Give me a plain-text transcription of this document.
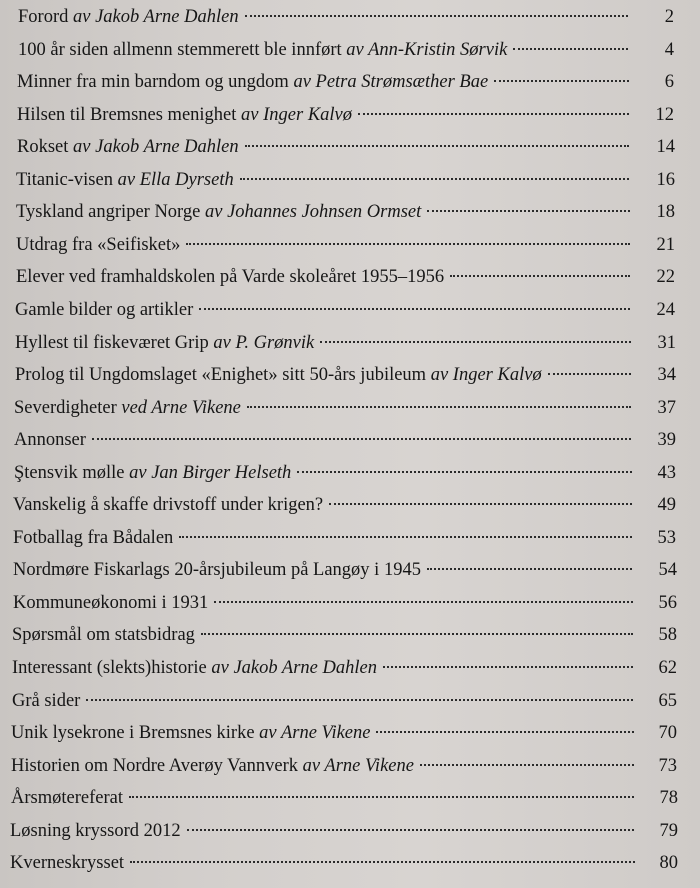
Forord av Jakob Arne Dahlen	2
100 år siden allmenn stemmerett ble innført av Ann-Kristin Sørvik	4
Minner fra min barndom og ungdom av Petra Strømsæther Bae	6
Hilsen til Bremsnes menighet av Inger Kalvø	12
Rokset av Jakob Arne Dahlen	14
Titanic-visen av Ella Dyrseth	16
Tyskland angriper Norge av Johannes Johnsen Ormset	18
Utdrag fra «Seifisket»	21
Elever ved framhaldskolen på Varde skoleåret 1955–1956	22
Gamle bilder og artikler	24
Hyllest til fiskeværet Grip av P. Grønvik	31
Prolog til Ungdomslaget «Enighet» sitt 50-års jubileum av Inger Kalvø	34
Severdigheter ved Arne Vikene	37
Annonser	39
Ştensvik mølle av Jan Birger Helseth	43
Vanskelig å skaffe drivstoff under krigen?	49
Fotballag fra Bådalen	53
Nordmøre Fiskarlags 20-årsjubileum på Langøy i 1945	54
Kommuneøkonomi i 1931	56
Spørsmål om statsbidrag	58
Interessant (slekts)historie av Jakob Arne Dahlen	62
Grå sider	65
Unik lysekrone i Bremsnes kirke av Arne Vikene	70
Historien om Nordre Averøy Vannverk av Arne Vikene	73
Årsmøtereferat	78
Løsning kryssord 2012	79
Kverneskrysset	80
